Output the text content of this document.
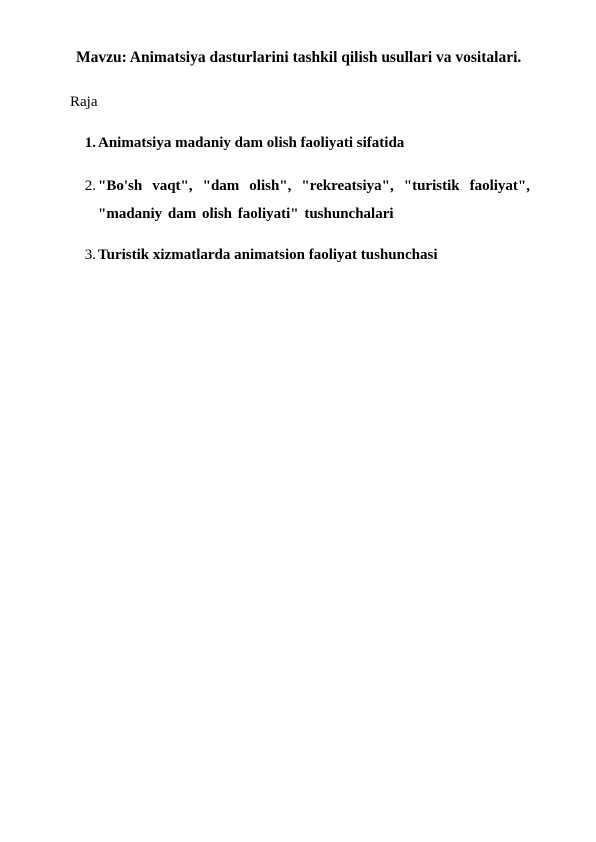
Mavzu: Animatsiya dasturlarini tashkil qilish usullari va vositalari.

Raja

1. Animatsiya madaniy dam olish faoliyati sifatida
2. "Bo'sh vaqt", "dam olish", "rekreatsiya", "turistik faoliyat", "madaniy dam olish faoliyati" tushunchalari
3. Turistik xizmatlarda animatsion faoliyat tushunchasi
